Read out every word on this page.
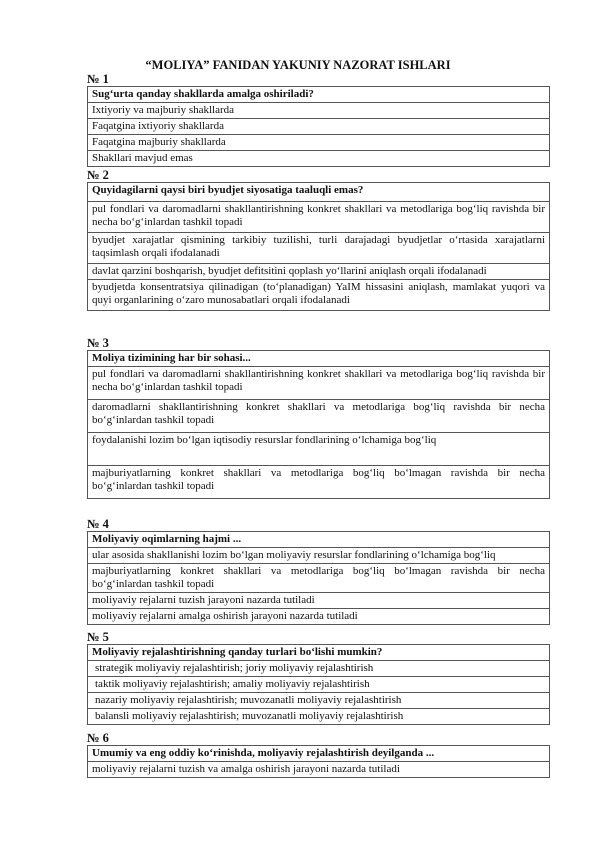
“MOLIYA” FANIDAN YAKUNIY NAZORAT ISHLARI
№ 1
Sug‘urta qanday shakllarda amalga oshiriladi?
Ixtiyoriy va majburiy shakllarda
Faqatgina ixtiyoriy shakllarda
Faqatgina majburiy shakllarda
Shakllari mavjud emas
№ 2
Quyidagilarni qaysi biri byudjet siyosatiga taaluqli emas?
pul fondlari va daromadlarni shakllantirishning konkret shakllari va metodlariga bog‘liq ravishda bir necha bo‘g‘inlardan tashkil topadi
byudjet xarajatlar qismining tarkibiy tuzilishi, turli darajadagi byudjetlar o‘rtasida xarajatlarni taqsimlash orqali ifodalanadi
davlat qarzini boshqarish, byudjet defitsitini qoplash yo‘llarini aniqlash orqali ifodalanadi
byudjetda konsentratsiya qilinadigan (to‘planadigan) YaIM hissasini aniqlash, mamlakat yuqori va quyi organlarining o‘zaro munosabatlari orqali ifodalanadi
№ 3
Moliya tizimining har bir sohasi...
pul fondlari va daromadlarni shakllantirishning konkret shakllari va metodlariga bog‘liq ravishda bir necha bo‘g‘inlardan tashkil topadi
daromadlarni shakllantirishning konkret shakllari va metodlariga bog‘liq ravishda bir necha bo‘g‘inlardan tashkil topadi
foydalanishi lozim bo‘lgan iqtisodiy resurslar fondlarining o‘lchamiga bog‘liq
majburiyatlarning konkret shakllari va metodlariga bog‘liq bo‘lmagan ravishda bir necha bo‘g‘inlardan tashkil topadi
№ 4
Moliyaviy oqimlarning hajmi ...
ular asosida shakllanishi lozim bo‘lgan moliyaviy resurslar fondlarining o‘lchamiga bog‘liq
majburiyatlarning konkret shakllari va metodlariga bog‘liq bo‘lmagan ravishda bir necha bo‘g‘inlardan tashkil topadi
moliyaviy rejalarni tuzish jarayoni nazarda tutiladi
moliyaviy rejalarni amalga oshirish jarayoni nazarda tutiladi
№ 5
Moliyaviy rejalashtirishning qanday turlari bo‘lishi mumkin?
strategik moliyaviy rejalashtirish; joriy moliyaviy rejalashtirish
taktik moliyaviy rejalashtirish; amaliy moliyaviy rejalashtirish
nazariy moliyaviy rejalashtirish; muvozanatli moliyaviy rejalashtirish
balansli moliyaviy rejalashtirish; muvozanatli moliyaviy rejalashtirish
№ 6
Umumiy va eng oddiy ko‘rinishda, moliyaviy rejalashtirish deyilganda ...
moliyaviy rejalarni tuzish va amalga oshirish jarayoni nazarda tutiladi
